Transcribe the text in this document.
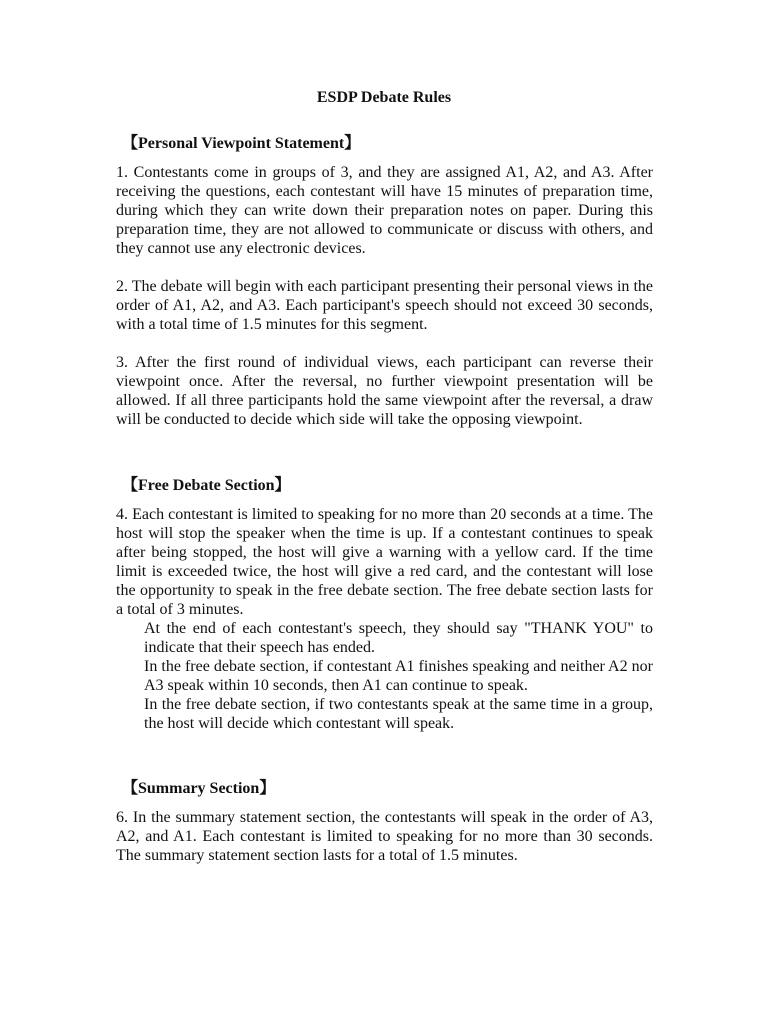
ESDP Debate Rules
【Personal Viewpoint Statement】

1. Contestants come in groups of 3, and they are assigned A1, A2, and A3. After receiving the questions, each contestant will have 15 minutes of preparation time, during which they can write down their preparation notes on paper. During this preparation time, they are not allowed to communicate or discuss with others, and they cannot use any electronic devices.

2. The debate will begin with each participant presenting their personal views in the order of A1, A2, and A3. Each participant's speech should not exceed 30 seconds, with a total time of 1.5 minutes for this segment.

3. After the first round of individual views, each participant can reverse their viewpoint once. After the reversal, no further viewpoint presentation will be allowed. If all three participants hold the same viewpoint after the reversal, a draw will be conducted to decide which side will take the opposing viewpoint.

【Free Debate Section】

4. Each contestant is limited to speaking for no more than 20 seconds at a time. The host will stop the speaker when the time is up. If a contestant continues to speak after being stopped, the host will give a warning with a yellow card. If the time limit is exceeded twice, the host will give a red card, and the contestant will lose the opportunity to speak in the free debate section. The free debate section lasts for a total of 3 minutes.

At the end of each contestant's speech, they should say "THANK YOU" to indicate that their speech has ended.

In the free debate section, if contestant A1 finishes speaking and neither A2 nor A3 speak within 10 seconds, then A1 can continue to speak.

In the free debate section, if two contestants speak at the same time in a group, the host will decide which contestant will speak.

【Summary Section】

6. In the summary statement section, the contestants will speak in the order of A3, A2, and A1. Each contestant is limited to speaking for no more than 30 seconds. The summary statement section lasts for a total of 1.5 minutes.
